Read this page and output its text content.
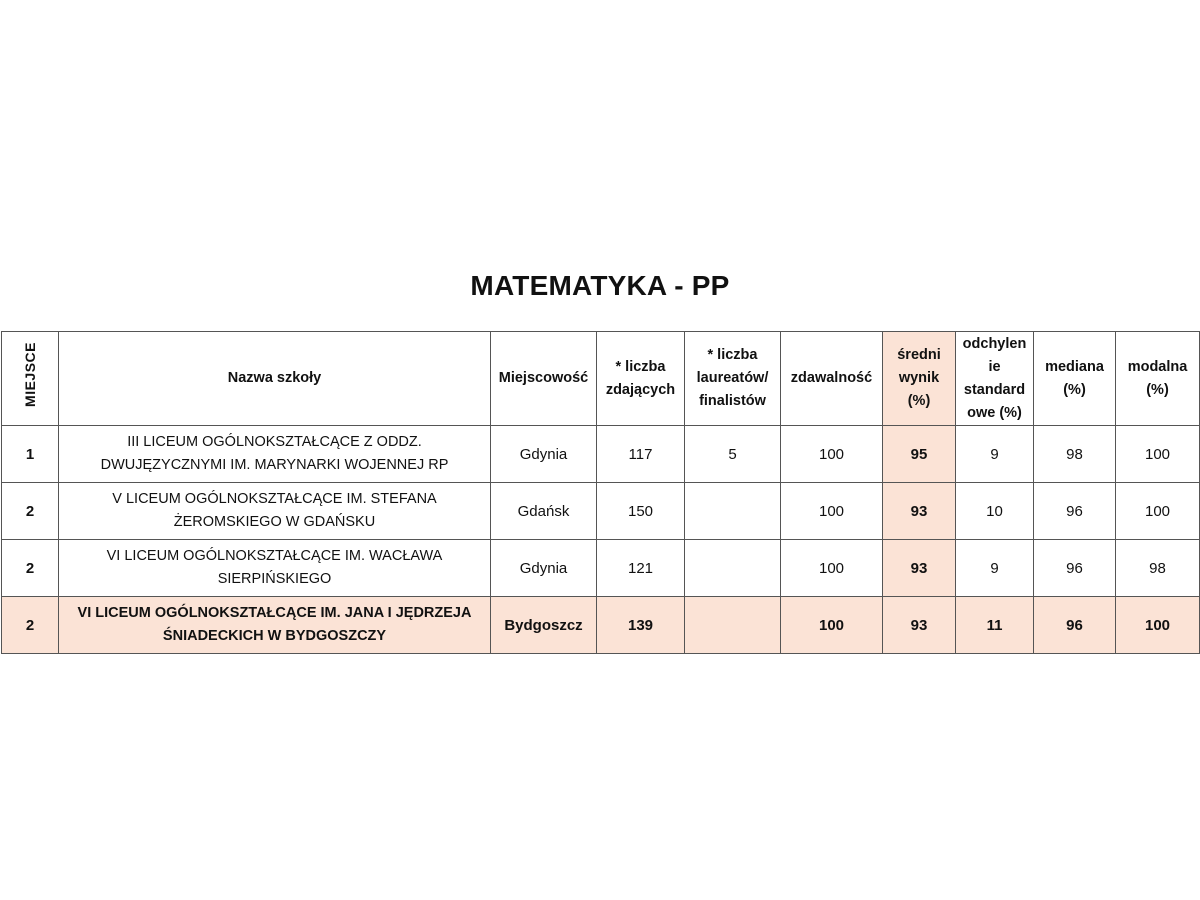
MATEMATYKA - PP
MIEJSCE	Nazwa szkoły	Miejscowość	* liczba
zdających	* liczba
laureatów/
finalistów	zdawalność	średni
wynik
(%)	odchylen
ie
standard
owe (%)	mediana
(%)	modalna
(%)
1	III LICEUM OGÓLNOKSZTAŁCĄCE Z ODDZ.
DWUJĘZYCZNYMI IM. MARYNARKI WOJENNEJ RP	Gdynia	117	5	100	95	9	98	100
2	V LICEUM OGÓLNOKSZTAŁCĄCE IM. STEFANA
ŻEROMSKIEGO W GDAŃSKU	Gdańsk	150		100	93	10	96	100
2	VI LICEUM OGÓLNOKSZTAŁCĄCE IM. WACŁAWA
SIERPIŃSKIEGO	Gdynia	121		100	93	9	96	98
2	VI LICEUM OGÓLNOKSZTAŁCĄCE IM. JANA I JĘDRZEJA
ŚNIADECKICH W BYDGOSZCZY	Bydgoszcz	139		100	93	11	96	100
